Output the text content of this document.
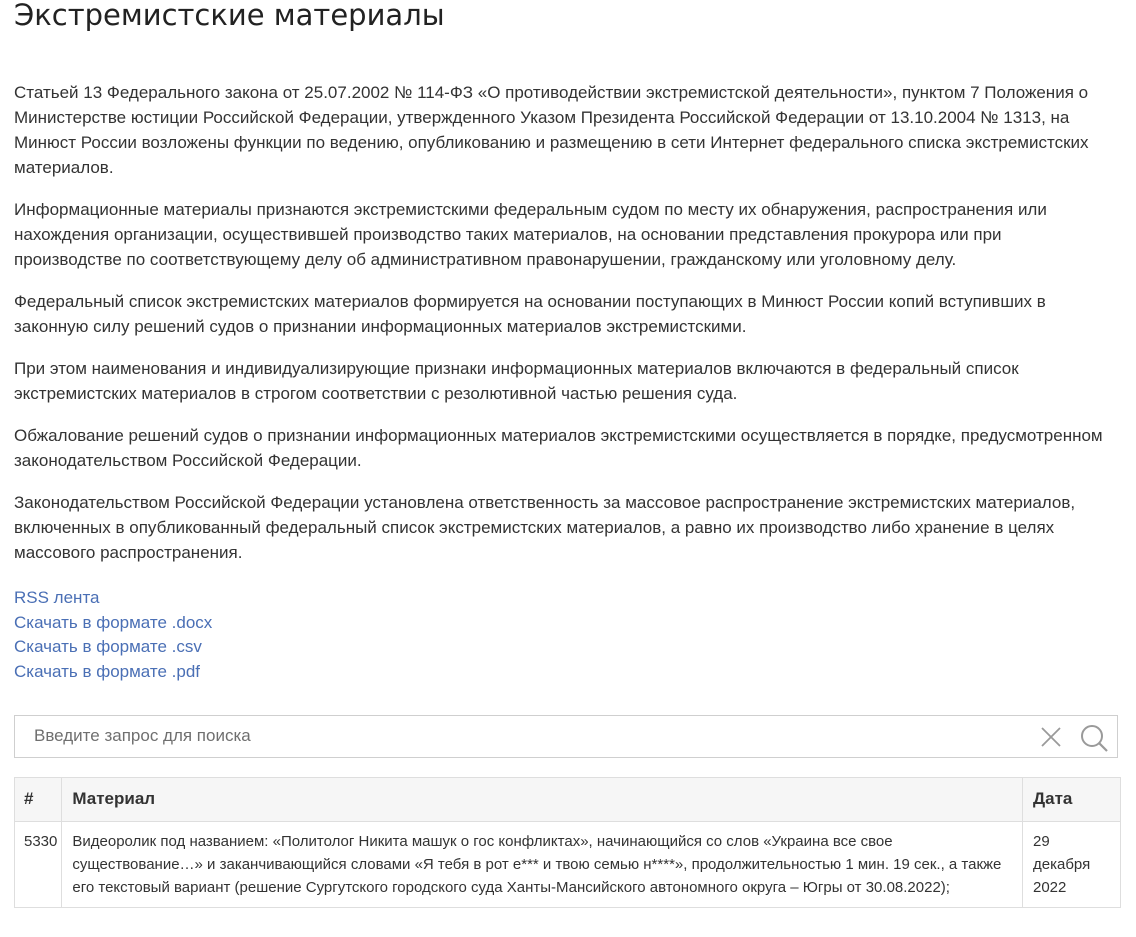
Экстремистские материалы

Статьей 13 Федерального закона от 25.07.2002 № 114-ФЗ «О противодействии экстремистской деятельности», пунктом 7 Положения о Министерстве юстиции Российской Федерации, утвержденного Указом Президента Российской Федерации от 13.10.2004 № 1313, на Минюст России возложены функции по ведению, опубликованию и размещению в сети Интернет федерального списка экстремистских материалов.

Информационные материалы признаются экстремистскими федеральным судом по месту их обнаружения, распространения или нахождения организации, осуществившей производство таких материалов, на основании представления прокурора или при производстве по соответствующему делу об административном правонарушении, гражданскому или уголовному делу.

Федеральный список экстремистских материалов формируется на основании поступающих в Минюст России копий вступивших в законную силу решений судов о признании информационных материалов экстремистскими.

При этом наименования и индивидуализирующие признаки информационных материалов включаются в федеральный список экстремистских материалов в строгом соответствии с резолютивной частью решения суда.

Обжалование решений судов о признании информационных материалов экстремистскими осуществляется в порядке, предусмотренном законодательством Российской Федерации.

Законодательством Российской Федерации установлена ответственность за массовое распространение экстремистских материалов, включенных в опубликованный федеральный список экстремистских материалов, а равно их производство либо хранение в целях массового распространения.

RSS лента
Скачать в формате .docx
Скачать в формате .csv
Скачать в формате .pdf
Введите запрос для поиска
#	Материал	Дата
5330	Видеоролик под названием: «Политолог Никита машук о гос конфликтах», начинающийся со слов «Украина все свое существование…» и заканчивающийся словами «Я тебя в рот е*** и твою семью н****», продолжительностью 1 мин. 19 сек., а также его текстовый вариант (решение Сургутского городского суда Ханты-Мансийского автономного округа – Югры от 30.08.2022);	29 декабря 2022
